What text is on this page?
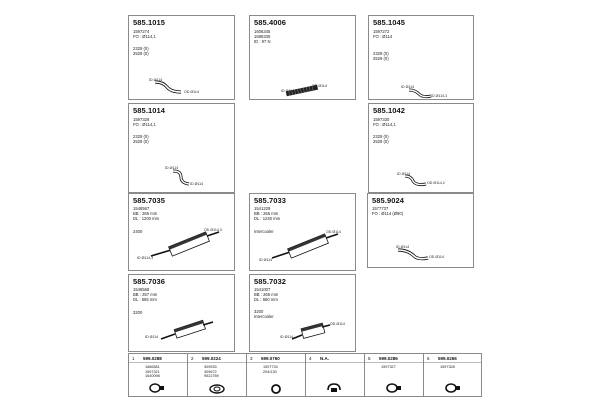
585.1015
1597274
FO : Ø114,1
2329 (0)
2529 (0)
ID Ø114
OD Ø114
585.4006
1606345
1686335
ID : 97 N
ID Ø114
OD Ø114
585.1045
1597272
FO : Ø114
2329 (0)
2529 (0)
ID Ø114
ID Ø114,3
585.1014
1597326
FO : Ø114,1
2329 (0)
2529 (0)
ID Ø114
ID Ø114
585.1042
1597330
FO : Ø114,1
2329 (0)
2529 (0)
ID Ø114
OD Ø114,2
585.7035
1548567
BB : 265 mm
DL : 1200 mm
2400	OD Ø114,3
ID Ø114,3
585.7033
1541229
BB : 265 mm
DL : 1240 mm
Intercooler	OD Ø114
ID Ø114
585.9024
1577737
FO : Ø114 (Ø90)
ID Ø114
OD Ø114
585.7036
1548568
BB : 257 mm
DL : 665 mm
3200
ID Ø114
585.7032
1541007
BB : 265 mm
DL : 660 mm
3200
Intercooler
ID Ø114
OD Ø114
1 599.0288
1686581
1597321
1640098
2 599.0224
309533
309672
9522789
3 599.0760
1597734
204/130
4 N.A.	5 599.0286
1597327
6 599.0266
1597328
